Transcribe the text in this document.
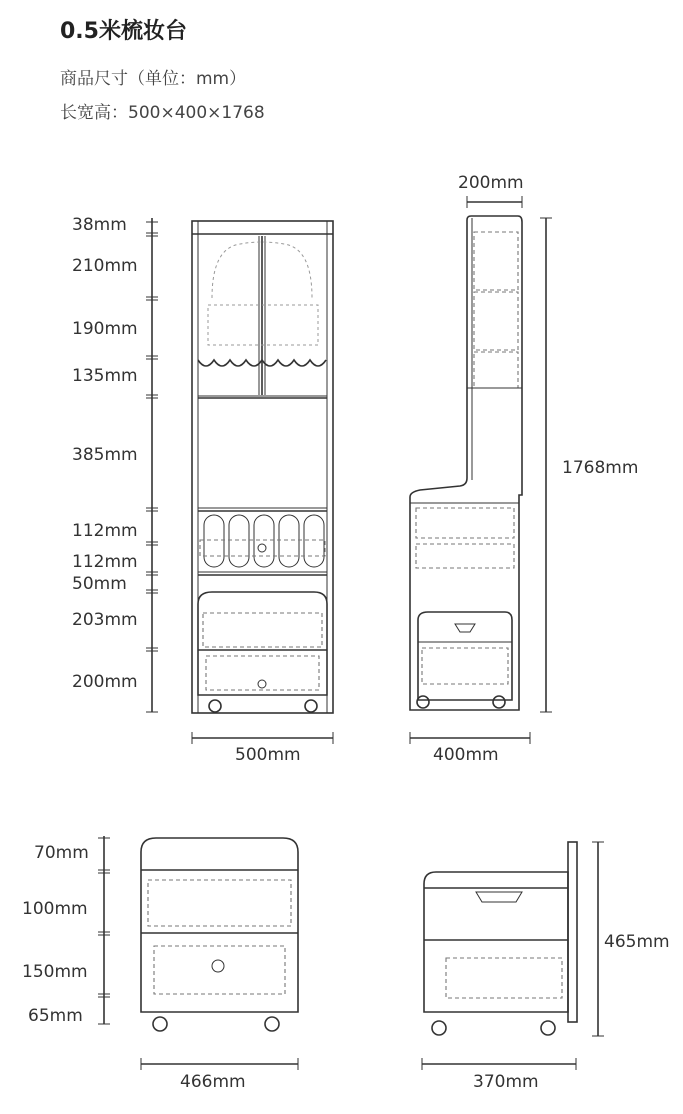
0.5米梳妆台
商品尺寸（单位：mm）
长宽高：500×400×1768
38mm
210mm
190mm
135mm
385mm
112mm
112mm
50mm
203mm
200mm
500mm
200mm
1768mm
400mm
70mm
100mm
150mm
65mm
466mm
465mm
370mm
